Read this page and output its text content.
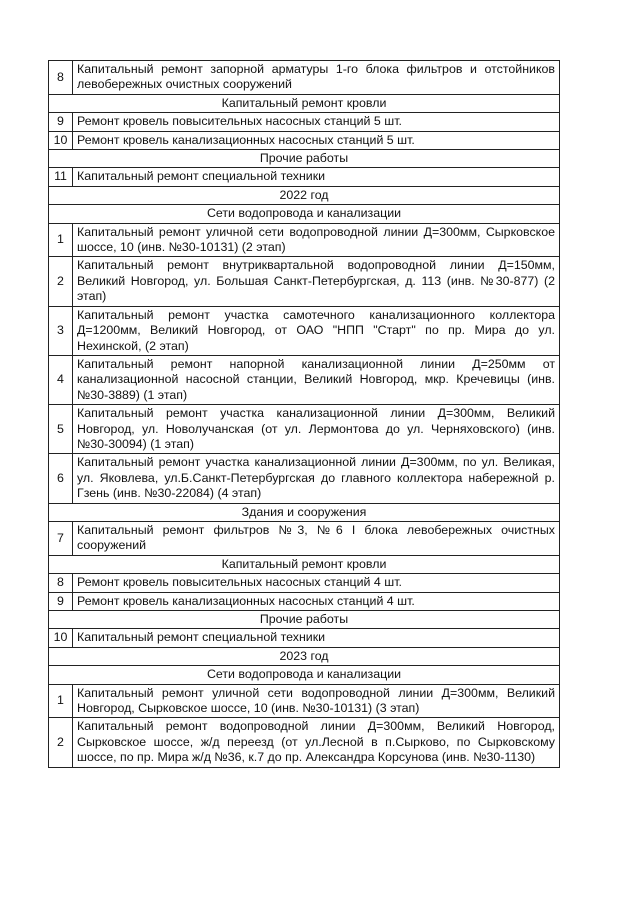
8	Капитальный ремонт запорной арматуры 1-го блока фильтров и отстойников левобережных очистных сооружений
Капитальный ремонт кровли	
9	Ремонт кровель повысительных насосных станций 5 шт.
10	Ремонт кровель канализационных насосных станций 5 шт.
Прочие работы	
11	Капитальный ремонт специальной техники
2022 год	
Сети водопровода и канализации	
1	Капитальный ремонт уличной сети водопроводной линии Д=300мм, Сырковское шоссе, 10 (инв. №30-10131) (2 этап)
2	Капитальный ремонт внутриквартальной водопроводной линии Д=150мм, Великий Новгород, ул. Большая Санкт-Петербургская, д. 113 (инв. №30-877) (2 этап)
3	Капитальный ремонт участка самотечного канализационного коллектора Д=1200мм, Великий Новгород, от ОАО "НПП "Старт" по пр. Мира до ул. Нехинской, (2 этап)
4	Капитальный ремонт напорной канализационной линии Д=250мм от канализационной насосной станции, Великий Новгород, мкр. Кречевицы (инв. №30-3889) (1 этап)
5	Капитальный ремонт участка канализационной линии Д=300мм, Великий Новгород, ул. Новолучанская (от ул. Лермонтова до ул. Черняховского) (инв. №30-30094) (1 этап)
6	Капитальный ремонт участка канализационной линии Д=300мм, по ул. Великая, ул. Яковлева, ул.Б.Санкт-Петербургская до главного коллектора набережной р. Гзень (инв. №30-22084) (4 этап)
Здания и сооружения	
7	Капитальный ремонт фильтров №3, №6 I блока левобережных очистных сооружений
Капитальный ремонт кровли	
8	Ремонт кровель повысительных насосных станций 4 шт.
9	Ремонт кровель канализационных насосных станций 4 шт.
Прочие работы	
10	Капитальный ремонт специальной техники
2023 год	
Сети водопровода и канализации	
1	Капитальный ремонт уличной сети водопроводной линии Д=300мм, Великий Новгород, Сырковское шоссе, 10 (инв. №30-10131) (3 этап)
2	Капитальный ремонт водопроводной линии Д=300мм, Великий Новгород, Сырковское шоссе, ж/д переезд (от ул.Лесной в п.Сырково, по Сырковскому шоссе, по пр. Мира ж/д №36, к.7 до пр. Александра Корсунова (инв. №30-1130)
